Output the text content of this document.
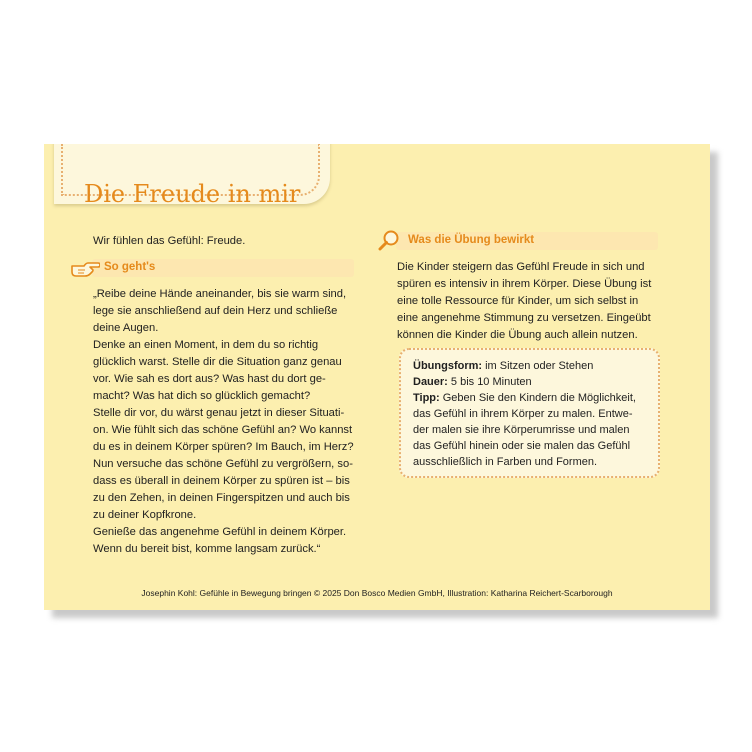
Die Freude in mir
Wir fühlen das Gefühl: Freude.
So geht's
„Reibe deine Hände aneinander, bis sie warm sind,
lege sie anschließend auf dein Herz und schließe
deine Augen.
Denke an einen Moment, in dem du so richtig
glücklich warst. Stelle dir die Situation ganz genau
vor. Wie sah es dort aus? Was hast du dort ge-
macht? Was hat dich so glücklich gemacht?
Stelle dir vor, du wärst genau jetzt in dieser Situati-
on. Wie fühlt sich das schöne Gefühl an? Wo kannst
du es in deinem Körper spüren? Im Bauch, im Herz?
Nun versuche das schöne Gefühl zu vergrößern, so-
dass es überall in deinem Körper zu spüren ist – bis
zu den Zehen, in deinen Fingerspitzen und auch bis
zu deiner Kopfkrone.
Genieße das angenehme Gefühl in deinem Körper.
Wenn du bereit bist, komme langsam zurück.“
Was die Übung bewirkt
Die Kinder steigern das Gefühl Freude in sich und
spüren es intensiv in ihrem Körper. Diese Übung ist
eine tolle Ressource für Kinder, um sich selbst in
eine angenehme Stimmung zu versetzen. Eingeübt
können die Kinder die Übung auch allein nutzen.
Übungsform: im Sitzen oder Stehen
Dauer: 5 bis 10 Minuten
Tipp: Geben Sie den Kindern die Möglichkeit,
das Gefühl in ihrem Körper zu malen. Entwe-
der malen sie ihre Körperumrisse und malen
das Gefühl hinein oder sie malen das Gefühl
ausschließlich in Farben und Formen.
Josephin Kohl: Gefühle in Bewegung bringen © 2025 Don Bosco Medien GmbH, Illustration: Katharina Reichert-Scarborough
